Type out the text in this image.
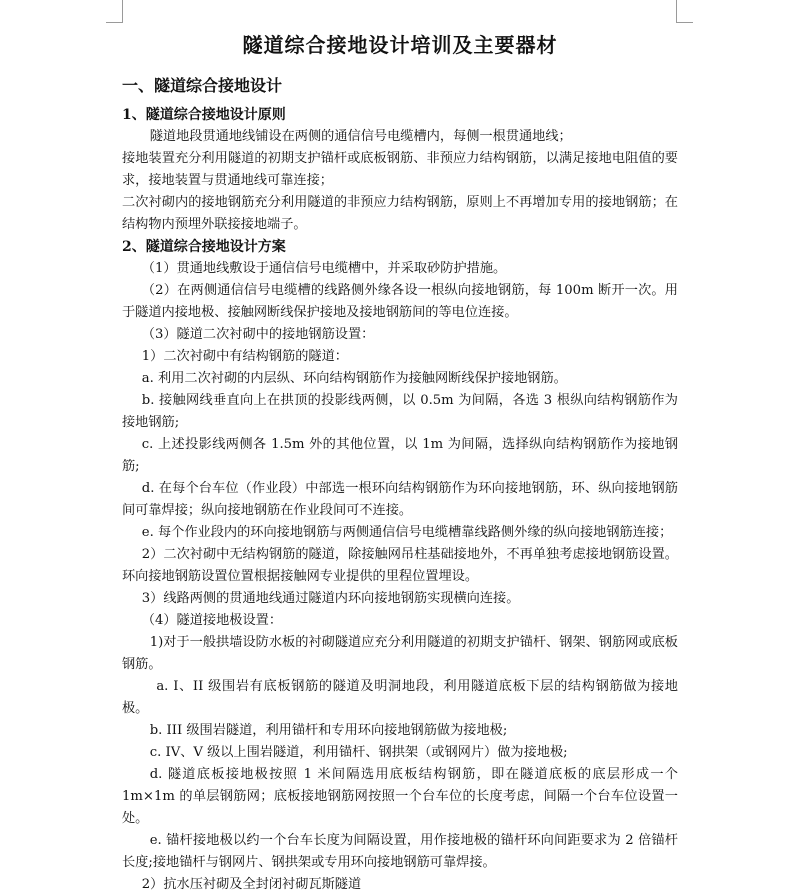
隧道综合接地设计培训及主要器材
一、隧道综合接地设计
1、隧道综合接地设计原则

隧道地段贯通地线铺设在两侧的通信信号电缆槽内，每侧一根贯通地线；

接地装置充分利用隧道的初期支护锚杆或底板钢筋、非预应力结构钢筋，以满足接地电阻值的要求，接地装置与贯通地线可靠连接；

二次衬砌内的接地钢筋充分利用隧道的非预应力结构钢筋，原则上不再增加专用的接地钢筋；在结构物内预埋外联接接地端子。

2、隧道综合接地设计方案

（1）贯通地线敷设于通信信号电缆槽中，并采取砂防护措施。

（2）在两侧通信信号电缆槽的线路侧外缘各设一根纵向接地钢筋，每 100m 断开一次。用于隧道内接地极、接触网断线保护接地及接地钢筋间的等电位连接。

（3）隧道二次衬砌中的接地钢筋设置：

1）二次衬砌中有结构钢筋的隧道：

a. 利用二次衬砌的内层纵、环向结构钢筋作为接触网断线保护接地钢筋。

b. 接触网线垂直向上在拱顶的投影线两侧，以 0.5m 为间隔，各选 3 根纵向结构钢筋作为接地钢筋;

c. 上述投影线两侧各 1.5m 外的其他位置，以 1m 为间隔，选择纵向结构钢筋作为接地钢筋;

d. 在每个台车位（作业段）中部选一根环向结构钢筋作为环向接地钢筋，环、纵向接地钢筋间可靠焊接；纵向接地钢筋在作业段间可不连接。

e. 每个作业段内的环向接地钢筋与两侧通信信号电缆槽靠线路侧外缘的纵向接地钢筋连接；

2）二次衬砌中无结构钢筋的隧道，除接触网吊柱基础接地外，不再单独考虑接地钢筋设置。环向接地钢筋设置位置根据接触网专业提供的里程位置埋设。

3）线路两侧的贯通地线通过隧道内环向接地钢筋实现横向连接。

（4）隧道接地极设置：

1)对于一般拱墙设防水板的衬砌隧道应充分利用隧道的初期支护锚杆、钢架、钢筋网或底板钢筋。

a. I、II 级围岩有底板钢筋的隧道及明洞地段，利用隧道底板下层的结构钢筋做为接地极。

b. III 级围岩隧道，利用锚杆和专用环向接地钢筋做为接地极;

c. IV、V 级以上围岩隧道，利用锚杆、钢拱架（或钢网片）做为接地极;

d. 隧道底板接地极按照 1 米间隔选用底板结构钢筋，即在隧道底板的底层形成一个 1m×1m 的单层钢筋网；底板接地钢筋网按照一个台车位的长度考虑，间隔一个台车位设置一处。

e. 锚杆接地极以约一个台车长度为间隔设置，用作接地极的锚杆环向间距要求为 2 倍锚杆长度;接地锚杆与钢网片、钢拱架或专用环向接地钢筋可靠焊接。

2）抗水压衬砌及全封闭衬砌瓦斯隧道
